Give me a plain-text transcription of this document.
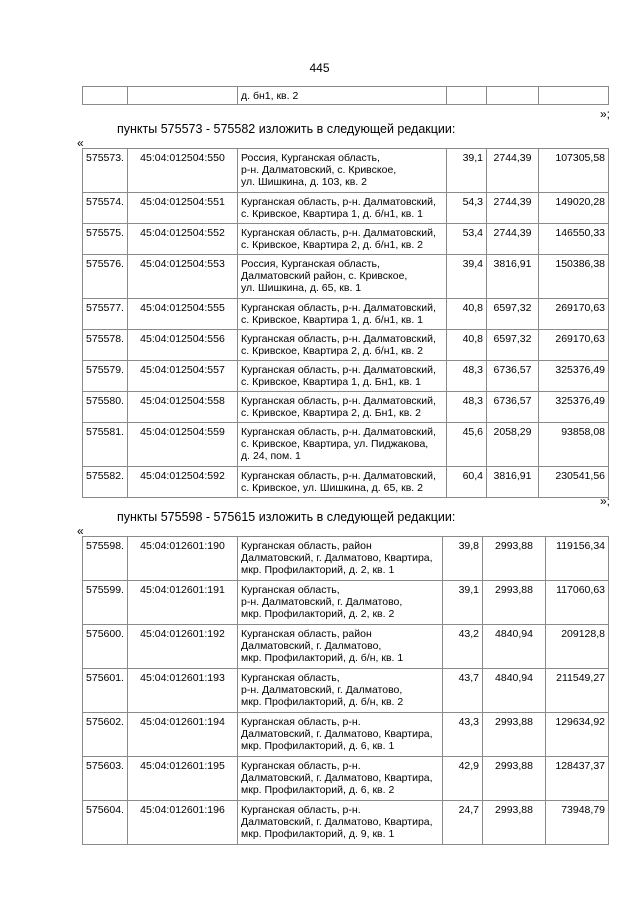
445
		д. бн1, кв. 2			
»;
пункты 575573 - 575582 изложить в следующей редакции:
«
575573.	45:04:012504:550	Россия, Курганская область,
р-н. Далматовский, с. Кривское,
ул. Шишкина, д. 103, кв. 2	39,1	2744,39	107305,58
575574.	45:04:012504:551	Курганская область, р-н. Далматовский,
с. Кривское, Квартира 1, д. б/н1, кв. 1	54,3	2744,39	149020,28
575575.	45:04:012504:552	Курганская область, р-н. Далматовский,
с. Кривское, Квартира 2, д. б/н1, кв. 2	53,4	2744,39	146550,33
575576.	45:04:012504:553	Россия, Курганская область,
Далматовский район, с. Кривское,
ул. Шишкина, д. 65, кв. 1	39,4	3816,91	150386,38
575577.	45:04:012504:555	Курганская область, р-н. Далматовский,
с. Кривское, Квартира 1, д. б/н1, кв. 1	40,8	6597,32	269170,63
575578.	45:04:012504:556	Курганская область, р-н. Далматовский,
с. Кривское, Квартира 2, д. б/н1, кв. 2	40,8	6597,32	269170,63
575579.	45:04:012504:557	Курганская область, р-н. Далматовский,
с. Кривское, Квартира 1, д. Бн1, кв. 1	48,3	6736,57	325376,49
575580.	45:04:012504:558	Курганская область, р-н. Далматовский,
с. Кривское, Квартира 2, д. Бн1, кв. 2	48,3	6736,57	325376,49
575581.	45:04:012504:559	Курганская область, р-н. Далматовский,
с. Кривское, Квартира, ул. Пиджакова,
д. 24, пом. 1	45,6	2058,29	93858,08
575582.	45:04:012504:592	Курганская область, р-н. Далматовский,
с. Кривское, ул. Шишкина, д. 65, кв. 2	60,4	3816,91	230541,56
»;
пункты 575598 - 575615 изложить в следующей редакции:
«
575598.	45:04:012601:190	Курганская область, район
Далматовский, г. Далматово, Квартира,
мкр. Профилакторий, д. 2, кв. 1	39,8	2993,88	119156,34
575599.	45:04:012601:191	Курганская область,
р-н. Далматовский, г. Далматово,
мкр. Профилакторий, д. 2, кв. 2	39,1	2993,88	117060,63
575600.	45:04:012601:192	Курганская область, район
Далматовский, г. Далматово,
мкр. Профилакторий, д. б/н, кв. 1	43,2	4840,94	209128,8
575601.	45:04:012601:193	Курганская область,
р-н. Далматовский, г. Далматово,
мкр. Профилакторий, д. б/н, кв. 2	43,7	4840,94	211549,27
575602.	45:04:012601:194	Курганская область, р-н.
Далматовский, г. Далматово, Квартира,
мкр. Профилакторий, д. 6, кв. 1	43,3	2993,88	129634,92
575603.	45:04:012601:195	Курганская область, р-н.
Далматовский, г. Далматово, Квартира,
мкр. Профилакторий, д. 6, кв. 2	42,9	2993,88	128437,37
575604.	45:04:012601:196	Курганская область, р-н.
Далматовский, г. Далматово, Квартира,
мкр. Профилакторий, д. 9, кв. 1	24,7	2993,88	73948,79
